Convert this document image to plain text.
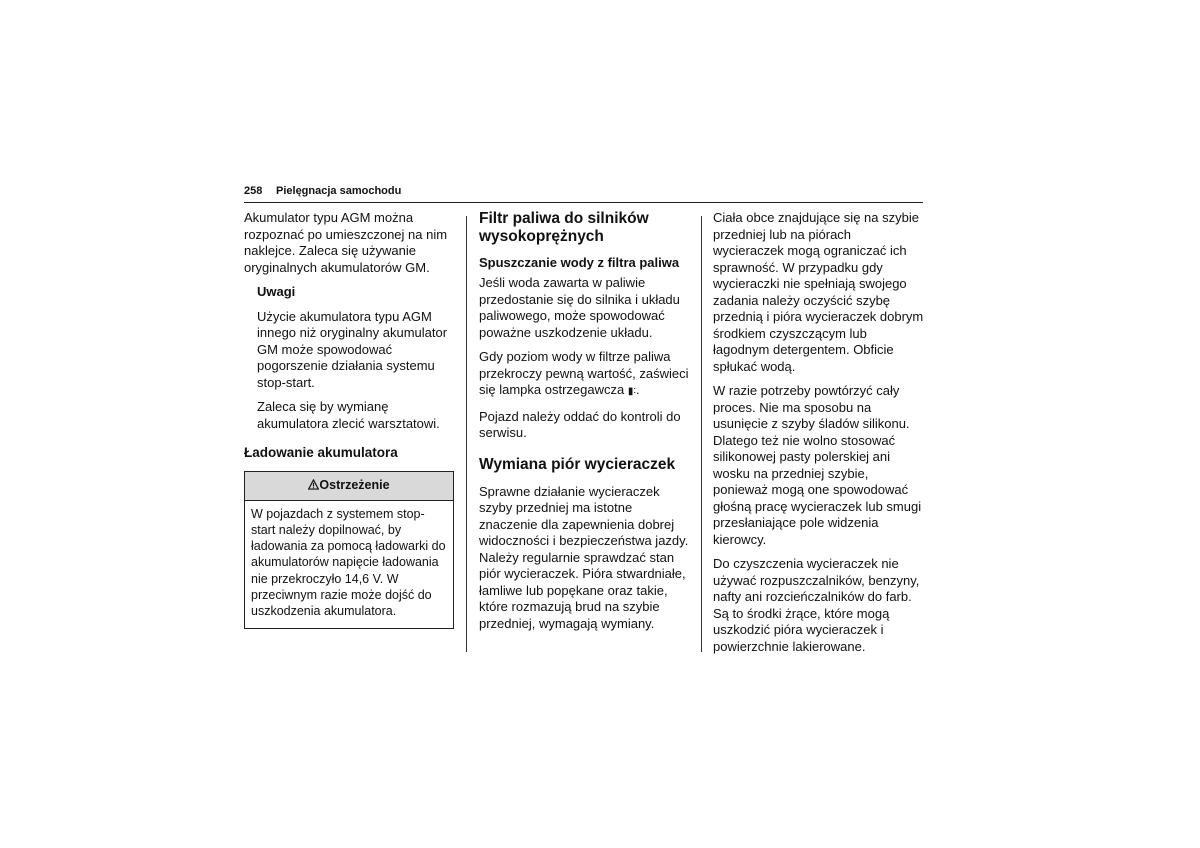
258 Pielęgnacja samochodu

Akumulator typu AGM można rozpoznać po umieszczonej na nim naklejce. Zaleca się używanie oryginalnych akumulatorów GM.

Uwagi

Użycie akumulatora typu AGM innego niż oryginalny akumulator GM może spowodować pogorszenie działania systemu stop-start.

Zaleca się by wymianę akumulatora zlecić warsztatowi.

Ładowanie akumulatora
Ostrzeżenie
W pojazdach z systemem stop-start należy dopilnować, by ładowania za pomocą ładowarki do akumulatorów napięcie ładowania nie przekroczyło 14,6 V. W przeciwnym razie może dojść do uszkodzenia akumulatora.
Filtr paliwa do silników wysokoprężnych
Spuszczanie wody z filtra paliwa

Jeśli woda zawarta w paliwie przedostanie się do silnika i układu paliwowego, może spowodować poważne uszkodzenie układu.

Gdy poziom wody w filtrze paliwa przekroczy pewną wartość, zaświeci się lampka ostrzegawcza ▮∶.

Pojazd należy oddać do kontroli do serwisu.

Wymiana piór wycieraczek

Sprawne działanie wycieraczek szyby przedniej ma istotne znaczenie dla zapewnienia dobrej widoczności i bezpieczeństwa jazdy. Należy regularnie sprawdzać stan piór wycieraczek. Pióra stwardniałe, łamliwe lub popękane oraz takie, które rozmazują brud na szybie przedniej, wymagają wymiany.

Ciała obce znajdujące się na szybie przedniej lub na piórach wycieraczek mogą ograniczać ich sprawność. W przypadku gdy wycieraczki nie spełniają swojego zadania należy oczyścić szybę przednią i pióra wycieraczek dobrym środkiem czyszczącym lub łagodnym detergentem. Obficie spłukać wodą.

W razie potrzeby powtórzyć cały proces. Nie ma sposobu na usunięcie z szyby śladów silikonu. Dlatego też nie wolno stosować silikonowej pasty polerskiej ani wosku na przedniej szybie, ponieważ mogą one spowodować głośną pracę wycieraczek lub smugi przesłaniające pole widzenia kierowcy.

Do czyszczenia wycieraczek nie używać rozpuszczalników, benzyny, nafty ani rozcieńczalników do farb. Są to środki żrące, które mogą uszkodzić pióra wycieraczek i powierzchnie lakierowane.
